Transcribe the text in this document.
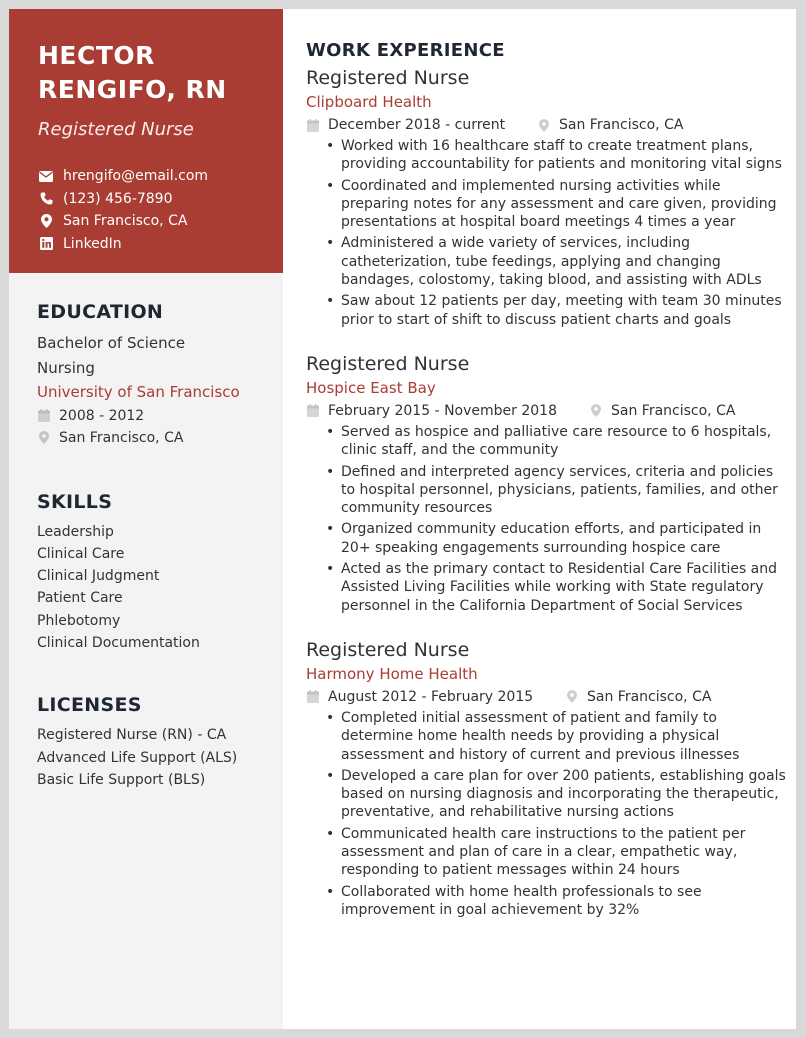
HECTOR
RENGIFO, RN
Registered Nurse
hrengifo@email.com
(123) 456-7890
San Francisco, CA
LinkedIn
EDUCATION
Bachelor of Science
Nursing
University of San Francisco
2008 - 2012
San Francisco, CA
SKILLS
Leadership
Clinical Care
Clinical Judgment
Patient Care
Phlebotomy
Clinical Documentation
LICENSES
Registered Nurse (RN) - CA
Advanced Life Support (ALS)
Basic Life Support (BLS)
WORK EXPERIENCE
Registered Nurse
Clipboard Health
December 2018 - current	San Francisco, CA
• Worked with 16 healthcare staff to create treatment plans, providing accountability for patients and monitoring vital signs
• Coordinated and implemented nursing activities while preparing notes for any assessment and care given, providing presentations at hospital board meetings 4 times a year
• Administered a wide variety of services, including catheterization, tube feedings, applying and changing bandages, colostomy, taking blood, and assisting with ADLs
• Saw about 12 patients per day, meeting with team 30 minutes prior to start of shift to discuss patient charts and goals
Registered Nurse
Hospice East Bay
February 2015 - November 2018	San Francisco, CA
• Served as hospice and palliative care resource to 6 hospitals, clinic staff, and the community
• Defined and interpreted agency services, criteria and policies to hospital personnel, physicians, patients, families, and other community resources
• Organized community education efforts, and participated in 20+ speaking engagements surrounding hospice care
• Acted as the primary contact to Residential Care Facilities and Assisted Living Facilities while working with State regulatory personnel in the California Department of Social Services
Registered Nurse
Harmony Home Health
August 2012 - February 2015	San Francisco, CA
• Completed initial assessment of patient and family to determine home health needs by providing a physical assessment and history of current and previous illnesses
• Developed a care plan for over 200 patients, establishing goals based on nursing diagnosis and incorporating the therapeutic, preventative, and rehabilitative nursing actions
• Communicated health care instructions to the patient per assessment and plan of care in a clear, empathetic way, responding to patient messages within 24 hours
• Collaborated with home health professionals to see improvement in goal achievement by 32%
